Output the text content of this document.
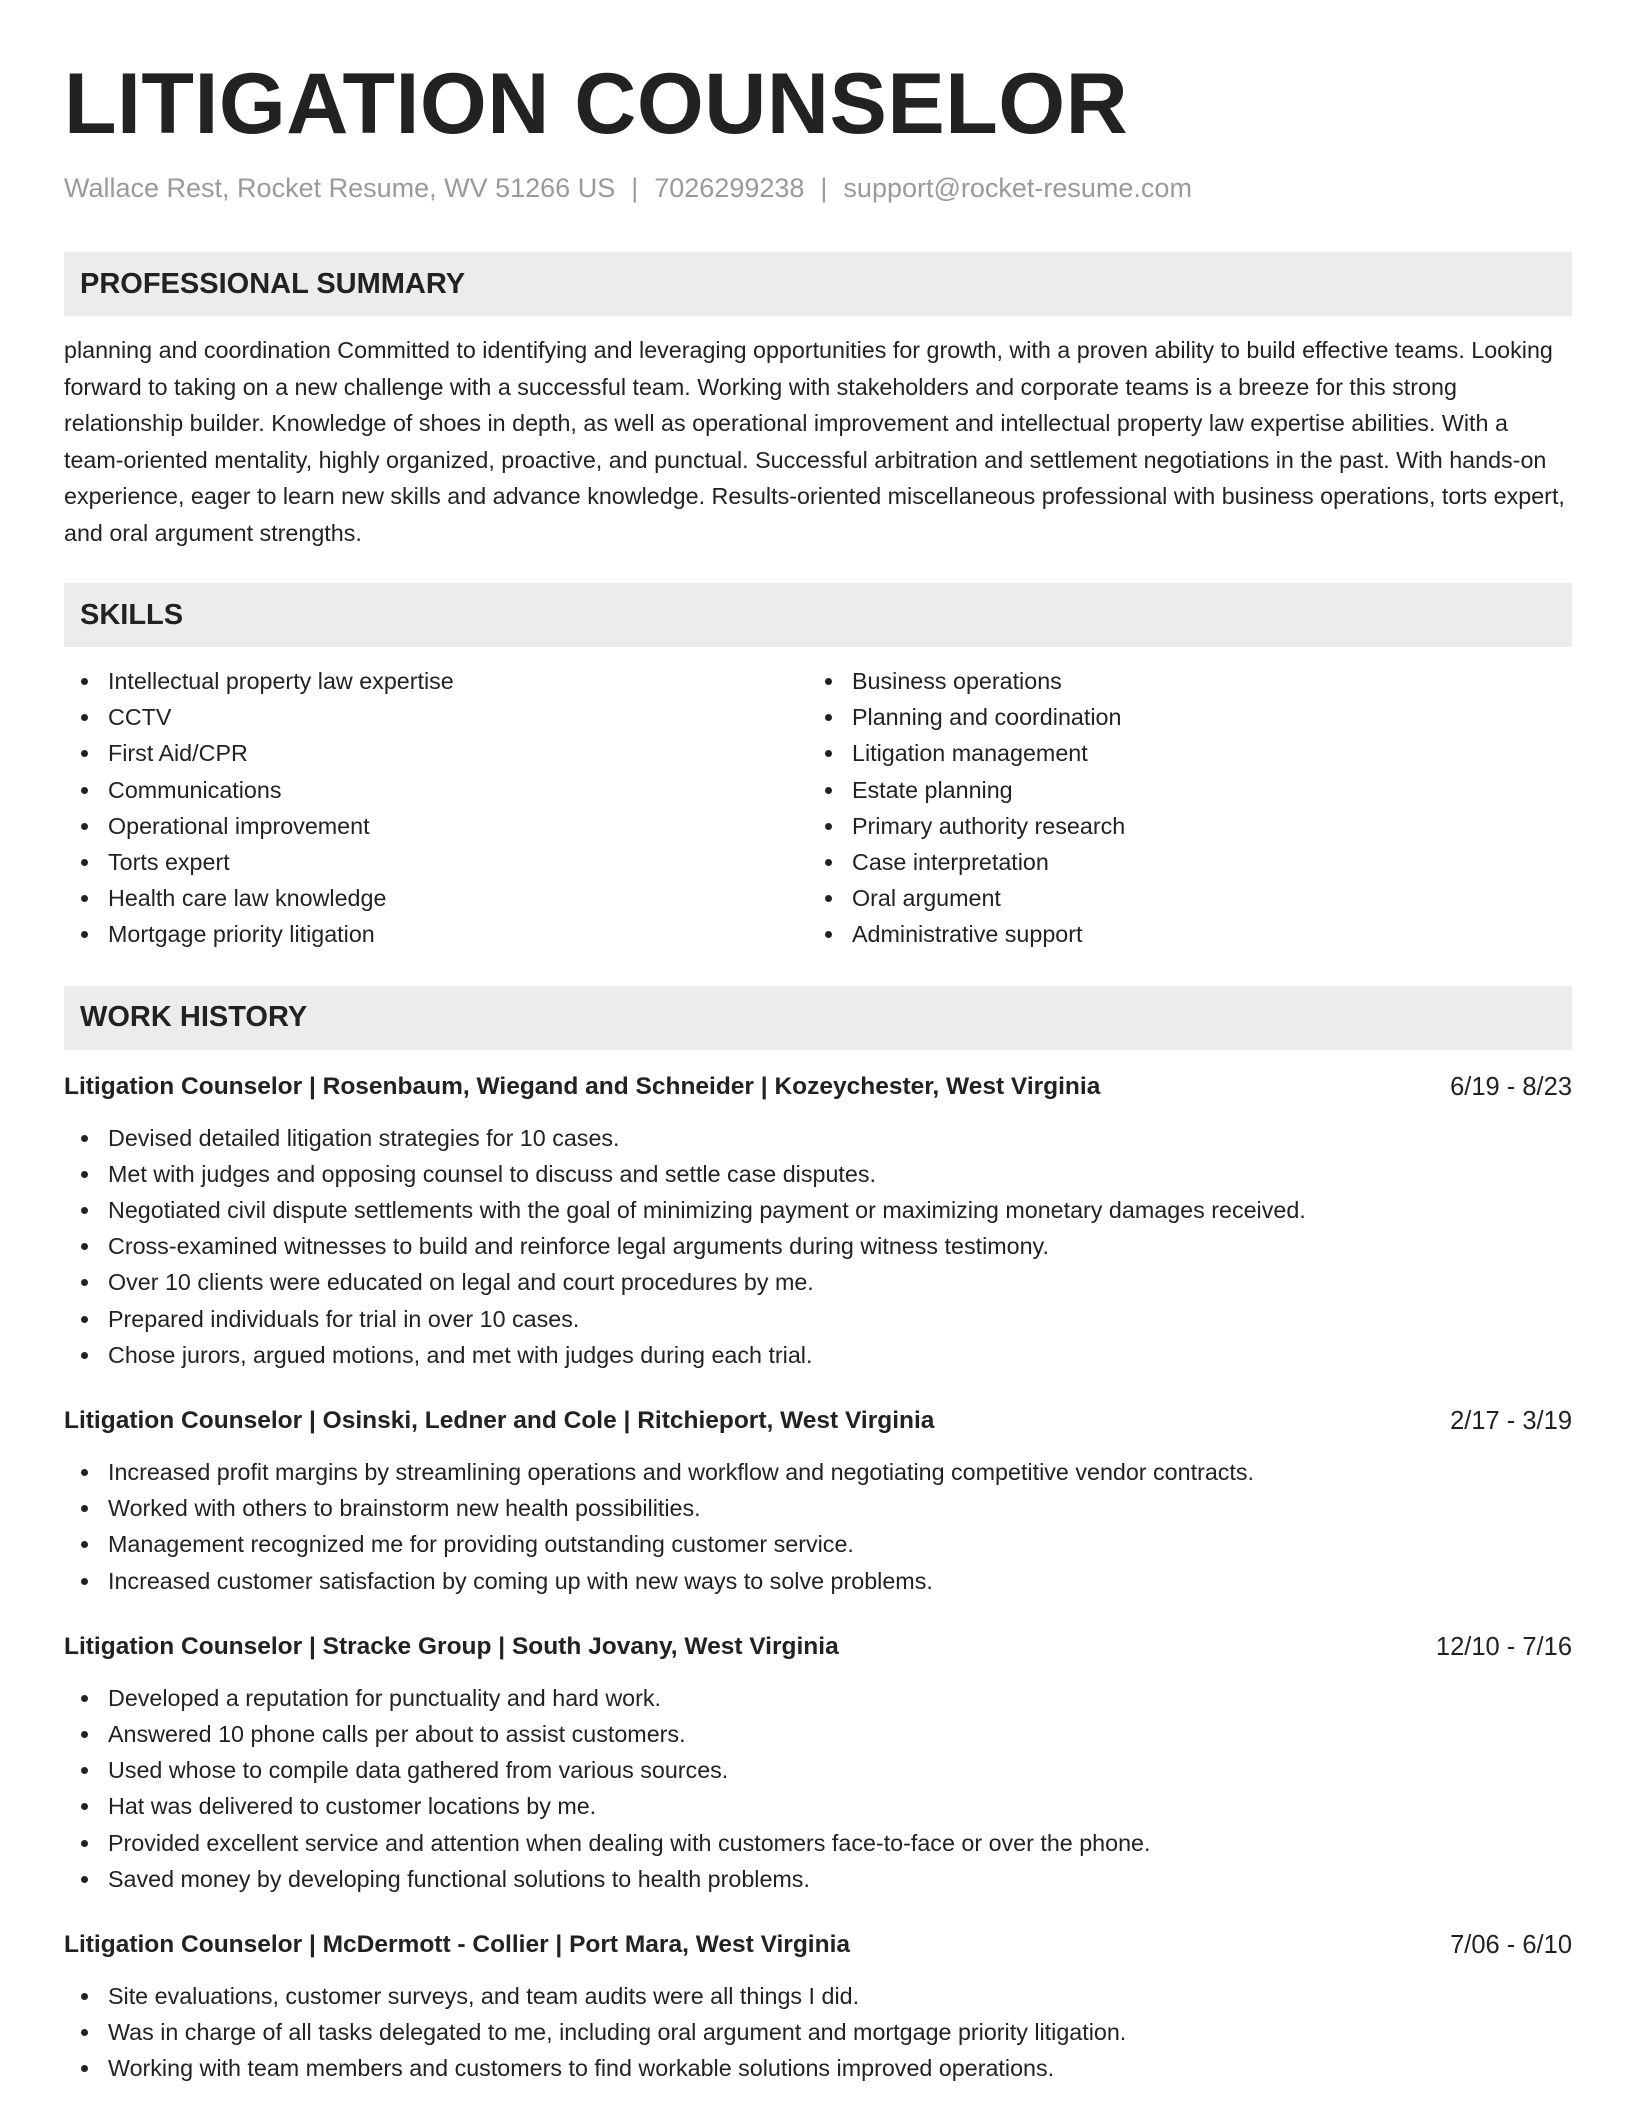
LITIGATION COUNSELOR
Wallace Rest, Rocket Resume, WV 51266 US | 7026299238 | support@rocket-resume.com
PROFESSIONAL SUMMARY

planning and coordination Committed to identifying and leveraging opportunities for growth, with a proven ability to build effective teams. Looking forward to taking on a new challenge with a successful team. Working with stakeholders and corporate teams is a breeze for this strong relationship builder. Knowledge of shoes in depth, as well as operational improvement and intellectual property law expertise abilities. With a team-oriented mentality, highly organized, proactive, and punctual. Successful arbitration and settlement negotiations in the past. With hands-on experience, eager to learn new skills and advance knowledge. Results-oriented miscellaneous professional with business operations, torts expert, and oral argument strengths.

SKILLS
Intellectual property law expertise
CCTV
First Aid/CPR
Communications
Operational improvement
Torts expert
Health care law knowledge
Mortgage priority litigation
Business operations
Planning and coordination
Litigation management
Estate planning
Primary authority research
Case interpretation
Oral argument
Administrative support
WORK HISTORY
Litigation Counselor | Rosenbaum, Wiegand and Schneider | Kozeychester, West Virginia	6/19 - 8/23
Devised detailed litigation strategies for 10 cases.
Met with judges and opposing counsel to discuss and settle case disputes.
Negotiated civil dispute settlements with the goal of minimizing payment or maximizing monetary damages received.
Cross-examined witnesses to build and reinforce legal arguments during witness testimony.
Over 10 clients were educated on legal and court procedures by me.
Prepared individuals for trial in over 10 cases.
Chose jurors, argued motions, and met with judges during each trial.
Litigation Counselor | Osinski, Ledner and Cole | Ritchieport, West Virginia	2/17 - 3/19
Increased profit margins by streamlining operations and workflow and negotiating competitive vendor contracts.
Worked with others to brainstorm new health possibilities.
Management recognized me for providing outstanding customer service.
Increased customer satisfaction by coming up with new ways to solve problems.
Litigation Counselor | Stracke Group | South Jovany, West Virginia	12/10 - 7/16
Developed a reputation for punctuality and hard work.
Answered 10 phone calls per about to assist customers.
Used whose to compile data gathered from various sources.
Hat was delivered to customer locations by me.
Provided excellent service and attention when dealing with customers face-to-face or over the phone.
Saved money by developing functional solutions to health problems.
Litigation Counselor | McDermott - Collier | Port Mara, West Virginia	7/06 - 6/10
Site evaluations, customer surveys, and team audits were all things I did.
Was in charge of all tasks delegated to me, including oral argument and mortgage priority litigation.
Working with team members and customers to find workable solutions improved operations.
